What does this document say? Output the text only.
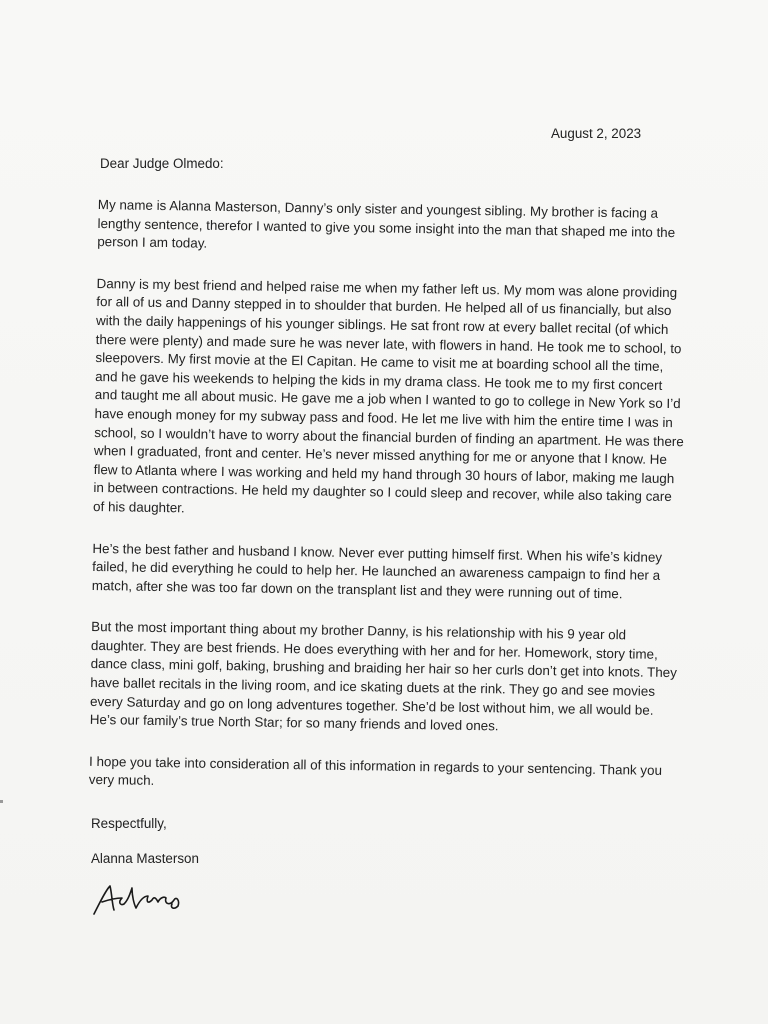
August 2, 2023
Dear Judge Olmedo:

My name is Alanna Masterson, Danny’s only sister and youngest sibling. My brother is facing a lengthy sentence, therefor I wanted to give you some insight into the man that shaped me into the person I am today.

Danny is my best friend and helped raise me when my father left us. My mom was alone providing for all of us and Danny stepped in to shoulder that burden. He helped all of us financially, but also with the daily happenings of his younger siblings. He sat front row at every ballet recital (of which there were plenty) and made sure he was never late, with flowers in hand. He took me to school, to sleepovers. My first movie at the El Capitan. He came to visit me at boarding school all the time, and he gave his weekends to helping the kids in my drama class. He took me to my first concert and taught me all about music. He gave me a job when I wanted to go to college in New York so I’d have enough money for my subway pass and food. He let me live with him the entire time I was in school, so I wouldn’t have to worry about the financial burden of finding an apartment. He was there when I graduated, front and center. He’s never missed anything for me or anyone that I know. He flew to Atlanta where I was working and held my hand through 30 hours of labor, making me laugh in between contractions. He held my daughter so I could sleep and recover, while also taking care of his daughter.

He’s the best father and husband I know. Never ever putting himself first. When his wife’s kidney failed, he did everything he could to help her. He launched an awareness campaign to find her a match, after she was too far down on the transplant list and they were running out of time.

But the most important thing about my brother Danny, is his relationship with his 9 year old daughter. They are best friends. He does everything with her and for her. Homework, story time, dance class, mini golf, baking, brushing and braiding her hair so her curls don’t get into knots. They have ballet recitals in the living room, and ice skating duets at the rink. They go and see movies every Saturday and go on long adventures together. She’d be lost without him, we all would be. He’s our family’s true North Star; for so many friends and loved ones.

I hope you take into consideration all of this information in regards to your sentencing. Thank you very much.

Respectfully,
Alanna Masterson
